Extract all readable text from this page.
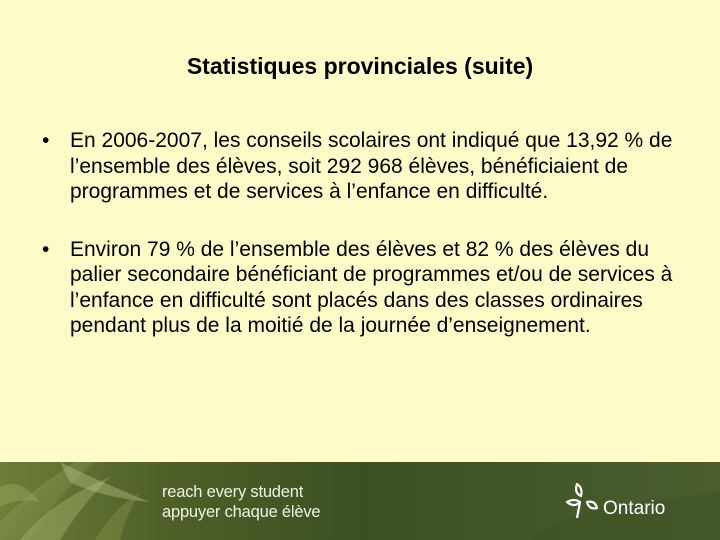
Statistiques provinciales (suite)
• En 2006-2007, les conseils scolaires ont indiqué que 13,92 % de l’ensemble des élèves, soit 292 968 élèves, bénéficiaient de programmes et de services à l’enfance en difficulté.
• Environ 79 % de l’ensemble des élèves et 82 % des élèves du palier secondaire bénéficiant de programmes et/ou de services à l’enfance en difficulté sont placés dans des classes ordinaires pendant plus de la moitié de la journée d’enseignement.
reach every student
appuyer chaque élève	Ontario
